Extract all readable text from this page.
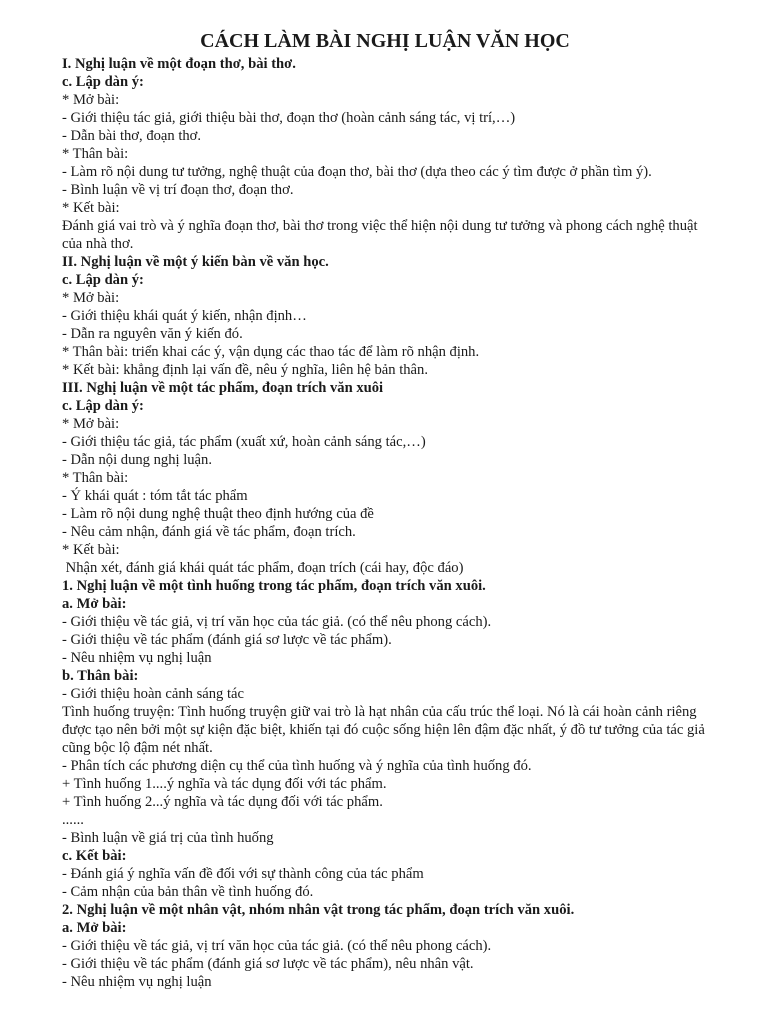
CÁCH LÀM BÀI NGHỊ LUẬN VĂN HỌC
I. Nghị luận về một đoạn thơ, bài thơ.
c. Lập dàn ý:
* Mở bài:
- Giới thiệu tác giả, giới thiệu bài thơ, đoạn thơ (hoàn cảnh sáng tác, vị trí,…)
- Dẫn bài thơ, đoạn thơ.
* Thân bài:
- Làm rõ nội dung tư tưởng, nghệ thuật của đoạn thơ, bài thơ (dựa theo các ý tìm được ở phần tìm ý).
- Bình luận về vị trí đoạn thơ, đoạn thơ.
* Kết bài:
Đánh giá vai trò và ý nghĩa đoạn thơ, bài thơ trong việc thể hiện nội dung tư tưởng và phong cách nghệ thuật của nhà thơ.
II. Nghị luận về một ý kiến bàn về văn học.
c. Lập dàn ý:
* Mở bài:
- Giới thiệu khái quát ý kiến, nhận định…
- Dẫn ra nguyên văn ý kiến đó.
* Thân bài: triển khai các ý, vận dụng các thao tác để làm rõ nhận định.
* Kết bài: khẳng định lại vấn đề, nêu ý nghĩa, liên hệ bản thân.
III. Nghị luận về một tác phẩm, đoạn trích văn xuôi
c. Lập dàn ý:
* Mở bài:
- Giới thiệu tác giả, tác phẩm (xuất xứ, hoàn cảnh sáng tác,…)
- Dẫn nội dung nghị luận.
* Thân bài:
- Ý khái quát : tóm tắt tác phẩm
- Làm rõ nội dung nghệ thuật theo định hướng của đề
- Nêu cảm nhận, đánh giá về tác phẩm, đoạn trích.
* Kết bài:
Nhận xét, đánh giá khái quát tác phẩm, đoạn trích (cái hay, độc đáo)
1. Nghị luận về một tình huống trong tác phẩm, đoạn trích văn xuôi.
a. Mở bài:
- Giới thiệu về tác giả, vị trí văn học của tác giả. (có thể nêu phong cách).
- Giới thiệu về tác phẩm (đánh giá sơ lược về tác phẩm).
- Nêu nhiệm vụ nghị luận
b. Thân bài:
- Giới thiệu hoàn cảnh sáng tác
Tình huống truyện: Tình huống truyện giữ vai trò là hạt nhân của cấu trúc thể loại. Nó là cái hoàn cảnh riêng được tạo nên bởi một sự kiện đặc biệt, khiến tại đó cuộc sống hiện lên đậm đặc nhất, ý đồ tư tưởng của tác giả cũng bộc lộ đậm nét nhất.
- Phân tích các phương diện cụ thể của tình huống và ý nghĩa của tình huống đó.
+ Tình huống 1....ý nghĩa và tác dụng đối với tác phẩm.
+ Tình huống 2...ý nghĩa và tác dụng đối với tác phẩm.
......
- Bình luận về giá trị của tình huống
c. Kết bài:
- Đánh giá ý nghĩa vấn đề đối với sự thành công của tác phẩm
- Cảm nhận của bản thân về tình huống đó.
2. Nghị luận về một nhân vật, nhóm nhân vật trong tác phẩm, đoạn trích văn xuôi.
a. Mở bài:
- Giới thiệu về tác giả, vị trí văn học của tác giả. (có thể nêu phong cách).
- Giới thiệu về tác phẩm (đánh giá sơ lược về tác phẩm), nêu nhân vật.
- Nêu nhiệm vụ nghị luận
